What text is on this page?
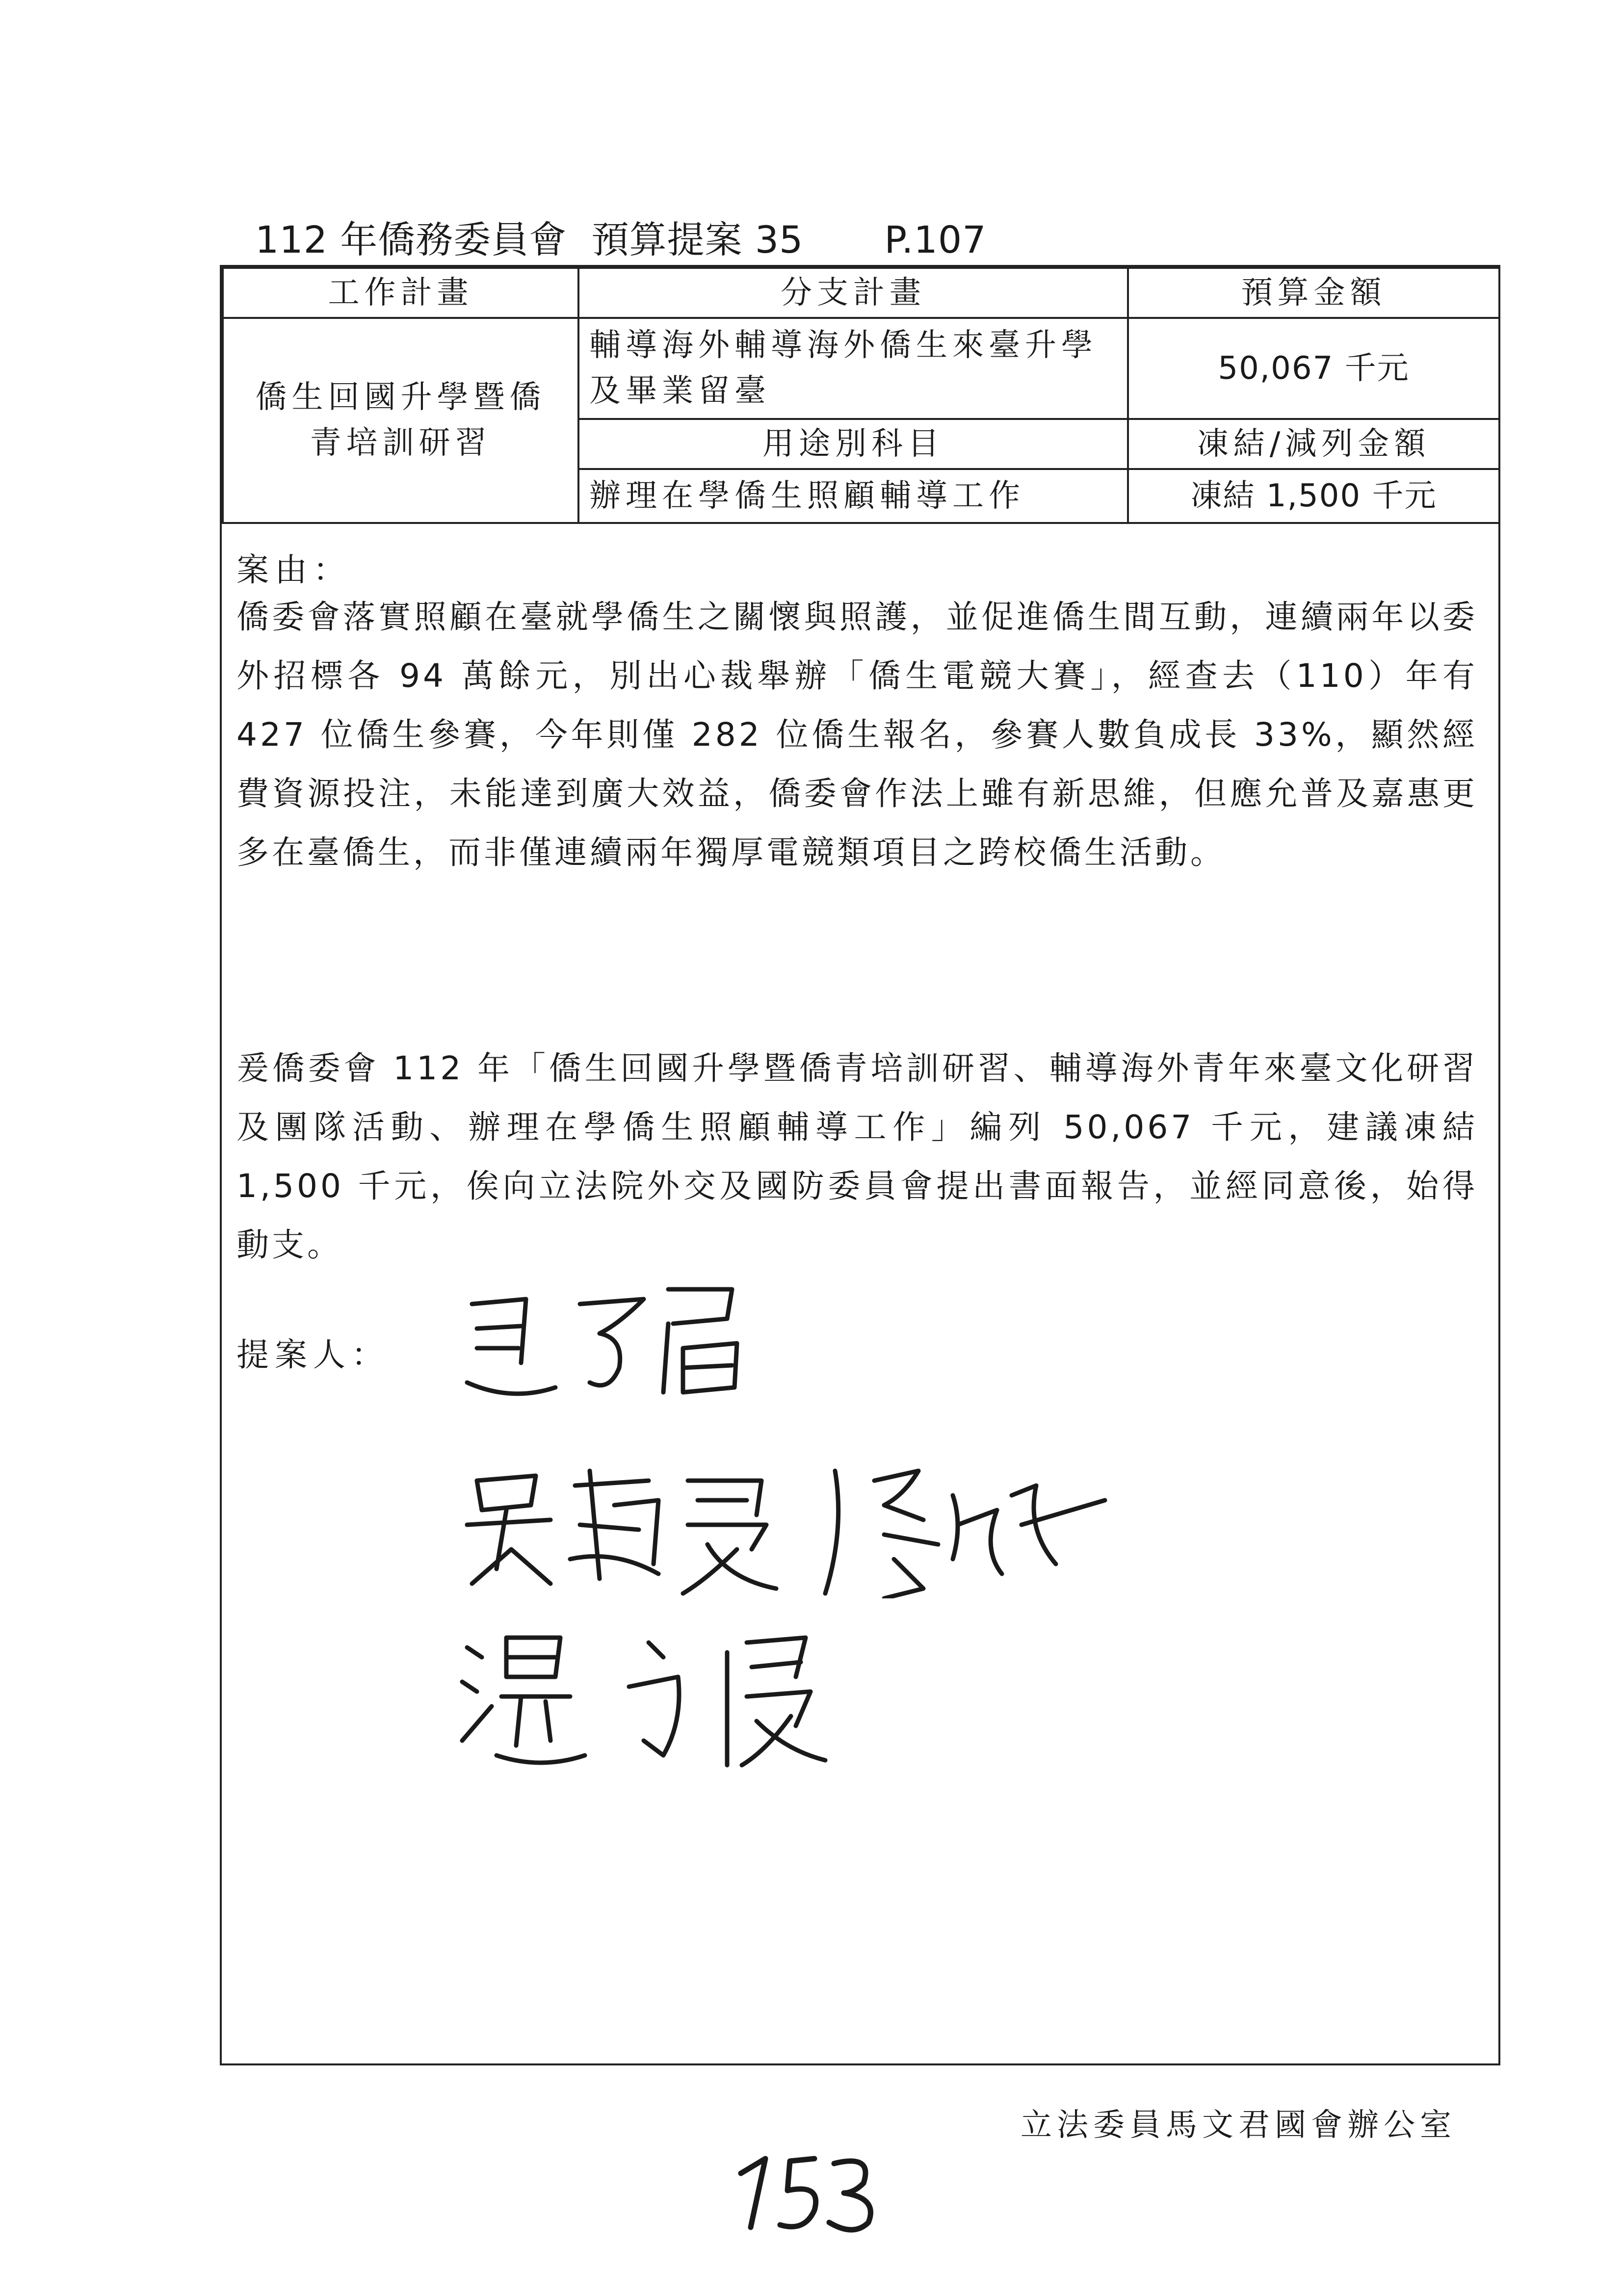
112 年僑務委員會  預算提案 35 P.107
工作計畫	分支計畫	預算金額
僑生回國升學暨僑青培訓研習	輔導海外輔導海外僑生來臺升學及畢業留臺	50,067 千元
	用途別科目	凍結/減列金額
	辦理在學僑生照顧輔導工作	凍結 1,500 千元
案由：
僑委會落實照顧在臺就學僑生之關懷與照護，並促進僑生間互動，連續兩年以委外招標各 94 萬餘元，別出心裁舉辦「僑生電競大賽」，經查去（110）年有 427 位僑生參賽，今年則僅 282 位僑生報名，參賽人數負成長 33%，顯然經費資源投注，未能達到廣大效益，僑委會作法上雖有新思維，但應允普及嘉惠更多在臺僑生，而非僅連續兩年獨厚電競類項目之跨校僑生活動。
爰僑委會 112 年「僑生回國升學暨僑青培訓研習、輔導海外青年來臺文化研習及團隊活動、辦理在學僑生照顧輔導工作」編列 50,067 千元，建議凍結 1,500 千元，俟向立法院外交及國防委員會提出書面報告，並經同意後，始得動支。
提案人：
立法委員馬文君國會辦公室
